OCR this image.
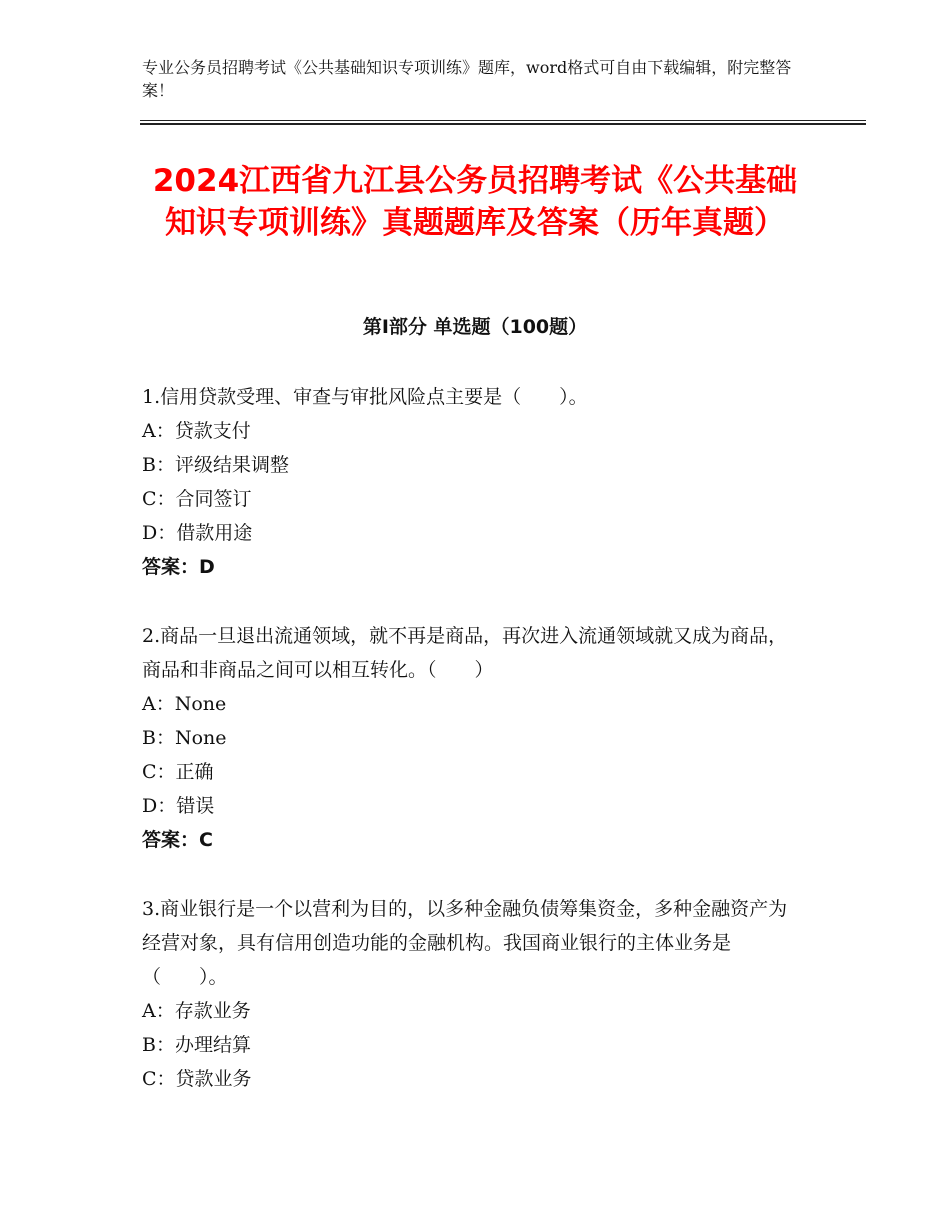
专业公务员招聘考试《公共基础知识专项训练》题库，word格式可自由下载编辑，附完整答案！
2024江西省九江县公务员招聘考试《公共基础知识专项训练》真题题库及答案（历年真题）
第Ⅰ部分 单选题（100题）

1.信用贷款受理、审查与审批风险点主要是（　　）。

A：贷款支付

B：评级结果调整

C：合同签订

D：借款用途

答案：D

2.商品一旦退出流通领域，就不再是商品，再次进入流通领域就又成为商品，商品和非商品之间可以相互转化。（　　）

A：None

B：None

C：正确

D：错误

答案：C

3.商业银行是一个以营利为目的，以多种金融负债筹集资金，多种金融资产为经营对象，具有信用创造功能的金融机构。我国商业银行的主体业务是（　　）。

A：存款业务

B：办理结算

C：贷款业务
